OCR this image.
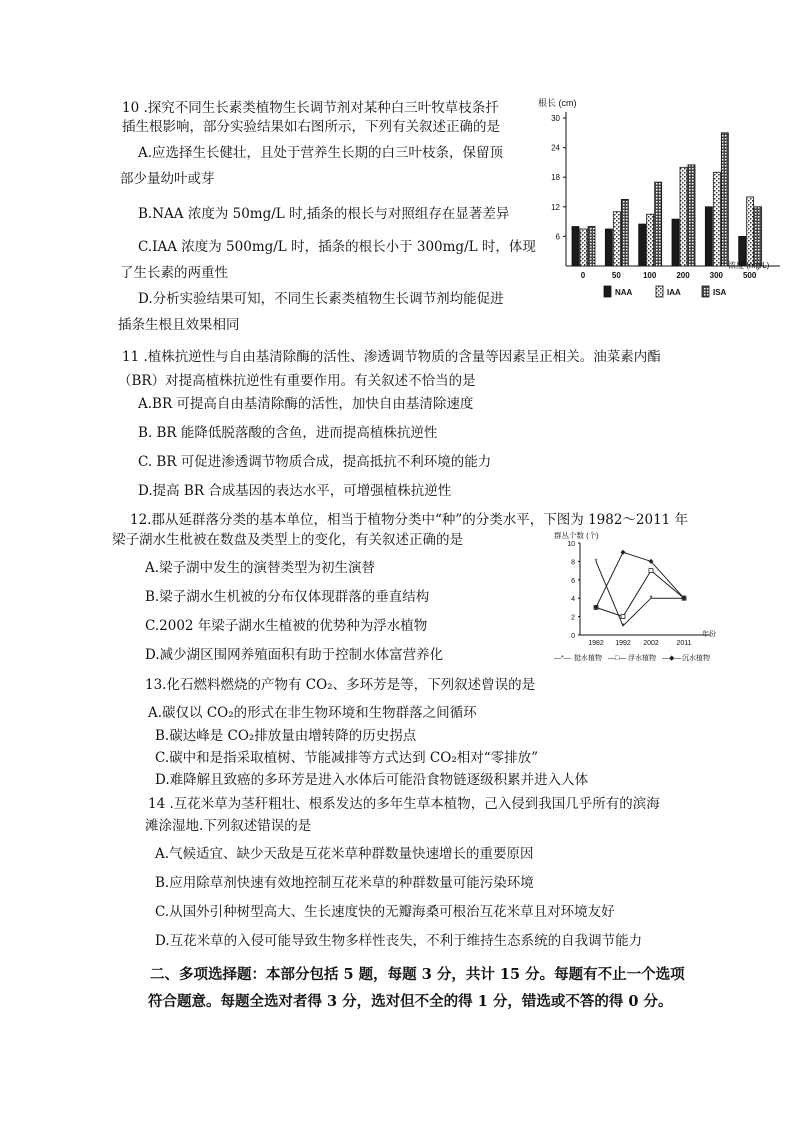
10 .探究不同生长素类植物生长调节剂对某种白三叶牧草枝条扦
插生根影响，部分实验结果如右图所示，下列有关叙述正确的是
A.应选择生长健壮，且处于营养生长期的白三叶枝条，保留顶
部少量幼叶或芽
B.NAA 浓度为 50mg/L 时,插条的根长与对照组存在显著差异
C.IAA 浓度为 500mg/L 时，插条的根长小于 300mg/L 时，体现
了生长素的两重性
D.分析实验结果可知，不同生长素类植物生长调节剂均能促进
插条生根且效果相同
根长 (cm)
6
12
18
24
30
0	50	100 200 300 500
浓度 (mg/L)
NAA	IAA	ISA
11 .植株抗逆性与自由基清除酶的活性、渗透调节物质的含量等因素呈正相关。油菜素内酯
（BR）对提高植株抗逆性有重要作用。有关叙述不恰当的是
A.BR 可提高自由基清除酶的活性，加快自由基清除速度
B. BR 能降低脱落酸的含鱼，进而提高植株抗逆性
C. BR 可促进渗透调节物质合成，提高抵抗不利环境的能力
D.提高 BR 合成基因的表达水平，可增强植株抗逆性
12.郡从延群落分类的基本单位，相当于植物分类中“种”的分类水平，下图为 1982～2011 年
梁子湖水生枇被在数盘及类型上的变化，有关叙述正确的是
A.梁子湖中发生的演替类型为初生演替
B.梁子湖水生机被的分布仅体现群落的垂直结构
C.2002 年梁子湖水生植被的优势种为浮水植物
D.减少湖区围网养殖面积有助于控制水体富营养化
群丛个数 (个)
0
2
4
6
8
10
*
*
*
1982 1992 2002	2011
年份
—*— 挺水植物 —□— 浮水植物 —◆— 沉水植物
13.化石燃料燃烧的产物有 CO₂、多环芳是等，下列叙述曾误的是
A.碳仅以 CO₂的形式在非生物环境和生物群落之间循环
B.碳达峰是 CO₂排放量由增转降的历史拐点
C.碳中和是指采取植树、节能减排等方式达到 CO₂相对“零排放”
D.难降解且致癌的多环芳是进入水体后可能沿食物链逐级积累并进入人体
14 .互花米草为茎秆粗壮、根系发达的多年生草本植物，己入侵到我国几乎所有的滨海
滩涂湿地.下列叙述错误的是
A.气候适宜、缺少天敌是互花米草种群数量快速增长的重要原因
B.应用除草剂快速有效地控制互花米草的种群数量可能污染环境
C.从国外引种树型高大、生长速度快的无瓣海桑可根治互花米草且对环境友好
D.互花米草的入侵可能导致生物多样性丧失，不利于维持生态系统的自我调节能力
二、多项选择题：本部分包括 5 题，每题 3 分，共计 15 分。每题有不止一个选项
符合题意。每题全选对者得 3 分，选对但不全的得 1 分，错选或不答的得 0 分。
